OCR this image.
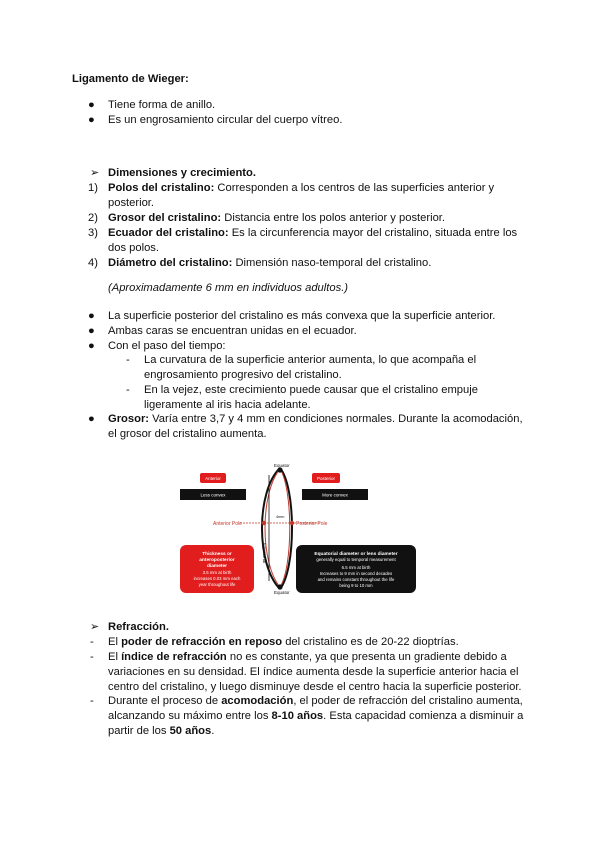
Ligamento de Wieger:
● Tiene forma de anillo.
● Es un engrosamiento circular del cuerpo vítreo.
➢ Dimensiones y crecimiento.
1) Polos del cristalino: Corresponden a los centros de las superficies anterior y
posterior.
2) Grosor del cristalino: Distancia entre los polos anterior y posterior.
3) Ecuador del cristalino: Es la circunferencia mayor del cristalino, situada entre los
dos polos.
4) Diámetro del cristalino: Dimensión naso-temporal del cristalino.
(Aproximadamente 6 mm en individuos adultos.)
● La superficie posterior del cristalino es más convexa que la superficie anterior.
● Ambas caras se encuentran unidas en el ecuador.
● Con el paso del tiempo:
- La curvatura de la superficie anterior aumenta, lo que acompaña el
engrosamiento progresivo del cristalino.
- En la vejez, este crecimiento puede causar que el cristalino empuje
ligeramente al iris hacia adelante.
● Grosor: Varía entre 3,7 y 4 mm en condiciones normales. Durante la acomodación,
el grosor del cristalino aumenta.
Equatorial
4mm
Equator
Equator
Anterior Pole	Posterior Pole
Anterior
Less convex
Posterior
More convex
Thickness or
anteroposterior
diameter
3.5 mm at birth
increases 0.03 mm each
year throughout life
Equatorial diameter or lens diameter
generally equal to temporal measurement
6.5 mm at birth
Increases to 9 mm in second decades
and remains constant throughout the life
being 9 to 10 mm
➢ Refracción.
- El poder de refracción en reposo del cristalino es de 20-22 dioptrías.
- El índice de refracción no es constante, ya que presenta un gradiente debido a
variaciones en su densidad. El índice aumenta desde la superficie anterior hacia el
centro del cristalino, y luego disminuye desde el centro hacia la superficie posterior.
- Durante el proceso de acomodación, el poder de refracción del cristalino aumenta,
alcanzando su máximo entre los 8-10 años. Esta capacidad comienza a disminuir a
partir de los 50 años.
